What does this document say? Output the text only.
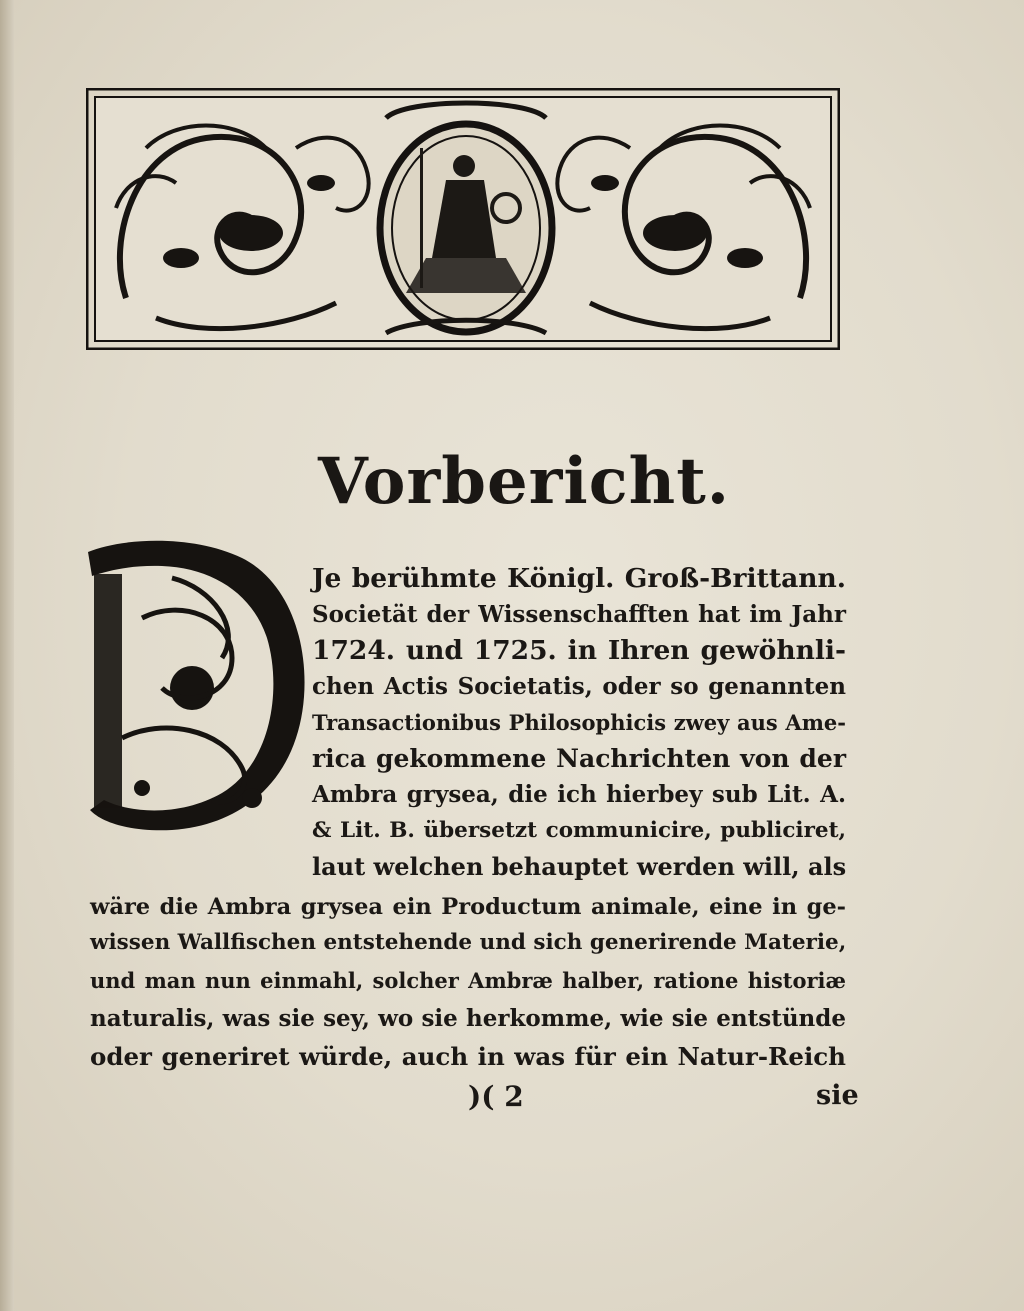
Vorbericht.
Je berühmte Königl. Groß-Brittann.
Societät der Wissenschafften hat im Jahr
1724. und 1725. in Ihren gewöhnli-
chen Actis Societatis, oder so genannten
Transactionibus Philosophicis zwey aus Ame-
rica gekommene Nachrichten von der
Ambra grysea, die ich hierbey sub Lit. A.
& Lit. B. übersetzt communicire, publiciret,
laut welchen behauptet werden will, als
wäre die Ambra grysea ein Productum animale, eine in ge-
wissen Wallfischen entstehende und sich generirende Materie,
und man nun einmahl, solcher Ambræ halber, ratione historiæ
naturalis, was sie sey, wo sie herkomme, wie sie entstünde
oder generiret würde, auch in was für ein Natur-Reich
)( 2	sie
